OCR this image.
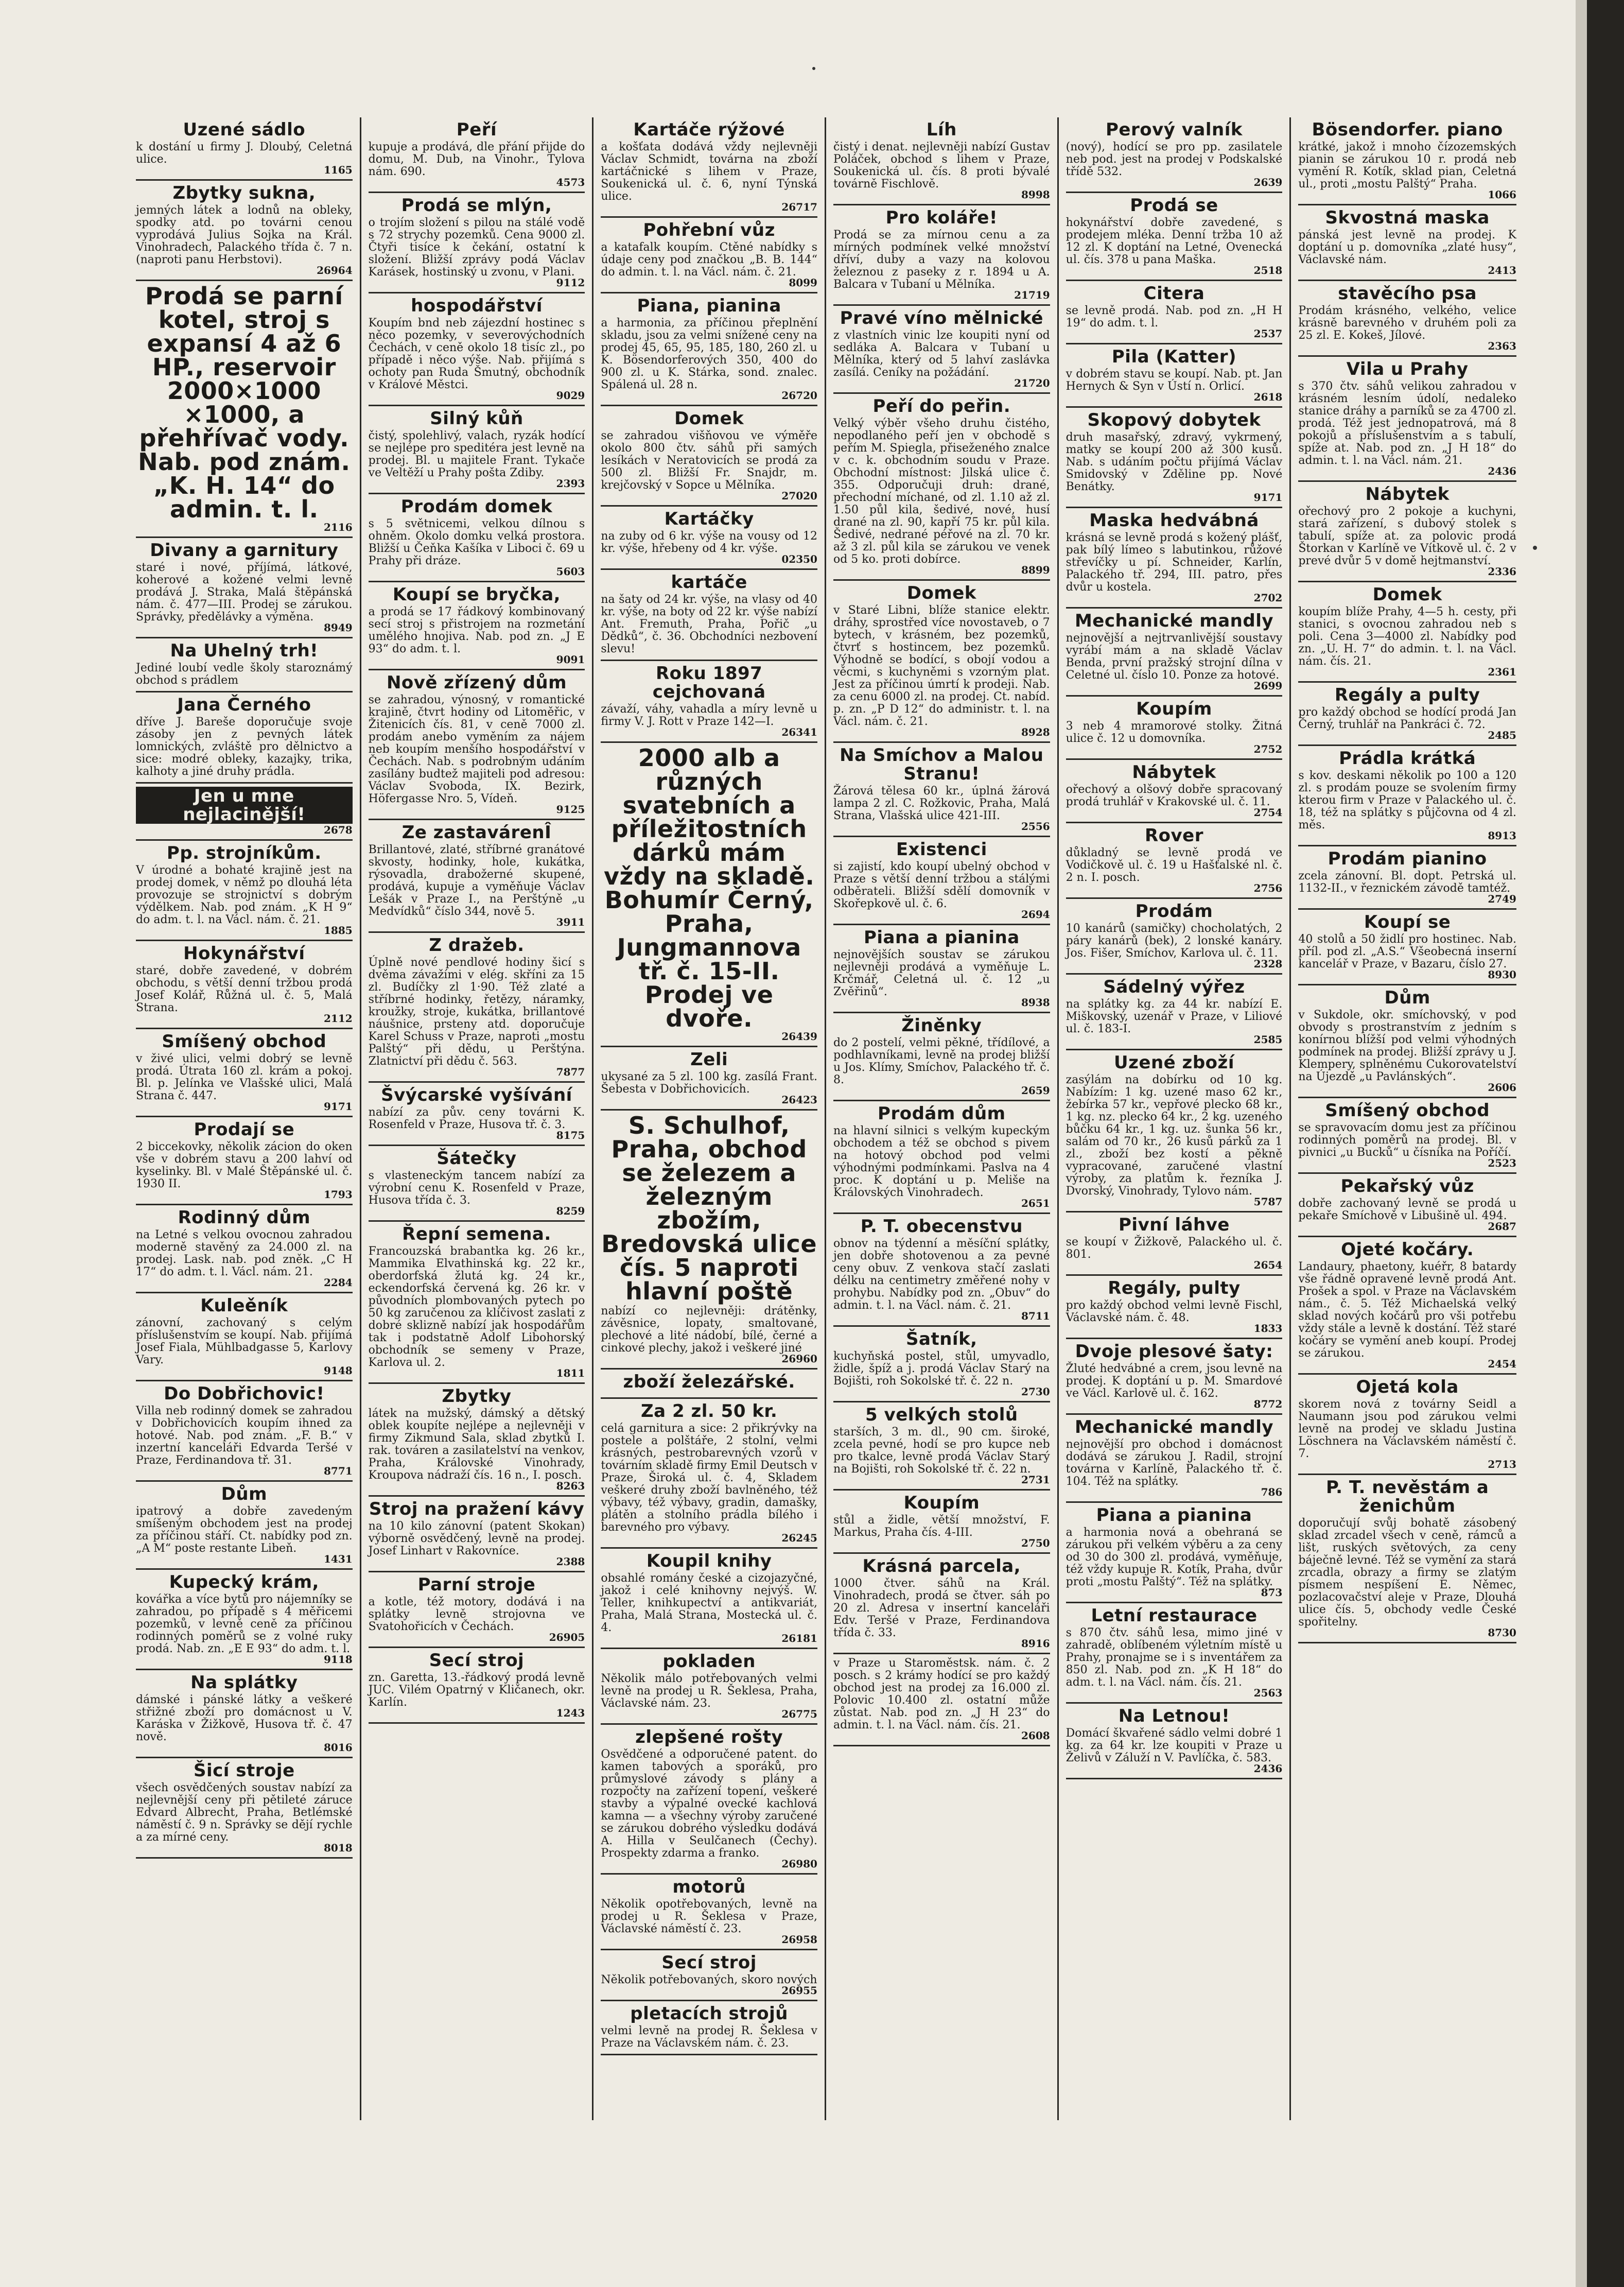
Uzené sádlo
k dostání u firmy J. Dloubý, Celetná ulice.
1165
Zbytky sukna,
jemných látek a lodnů na obleky, spodky atd. po továrni cenou vyprodává Julius Sojka na Král. Vinohradech, Palackého třída č. 7 n. (naproti panu Herbstovi).
26964
Prodá se parní kotel, stroj s expansí 4 až 6 HP., reservoir 2000×1000 ×1000, a přehřívač vody. Nab. pod znám. „K. H. 14“ do admin. t. l.
2116
Divany a garnitury
staré i nové, příjímá, látkové, koherové a kožené velmi levně prodává J. Straka, Malá štěpánská nám. č. 477—III. Prodej se zárukou. Správky, předělávky a výměna.
8949
Na Uhelný trh!
Jediné loubí vedle školy staroznámý obchod s prádlem
Jana Černého
dříve J. Bareše doporučuje svoje zásoby jen z pevných látek lomnických, zvláště pro dělnictvo a sice: modré obleky, kazajky, trika, kalhoty a jiné druhy prádla.
Jen u mne nejlacinější!
2678
Pp. strojníkům.
V úrodné a bohaté krajině jest na prodej domek, v němž po dlouhá léta provozuje se strojnictví s dobrým výdělkem. Nab. pod znám. „K H 9“ do adm. t. l. na Václ. nám. č. 21.
1885
Hokynářství
staré, dobře zavedené, v dobrém obchodu, s větší denní tržbou prodá Josef Kolář, Růžná ul. č. 5, Malá Strana.
2112
Smíšený obchod
v živé ulici, velmi dobrý se levně prodá. Útrata 160 zl. krám a pokoj. Bl. p. Jelínka ve Vlašské ulici, Malá Strana č. 447.
9171
Prodají se
2 biccekovky, několik zácion do oken vše v dobrém stavu a 200 lahví od kyselinky. Bl. v Malé Štěpánské ul. č. 1930 II.
1793
Rodinný dům
na Letné s velkou ovocnou zahradou moderně stavěný za 24.000 zl. na prodej. Lask. nab. pod zněk. „C H 17“ do adm. t. l. Václ. nám. 21.
2284
Kuleěník
zánovní, zachovaný s celým příslušenstvím se koupí. Nab. přijímá Josef Fiala, Mühlbadgasse 5, Karlovy Vary.
9148
Do Dobřichovic!
Villa neb rodinný domek se zahradou v Dobřichovicích koupím ihned za hotové. Nab. pod znám. „F. B.“ v inzertní kanceláři Edvarda Teršé v Praze, Ferdinandova tř. 31.
8771
Dům
ipatrový a dobře zavedeným smíšeným obchodem jest na prodej za příčinou stáří. Ct. nabídky pod zn. „A M“ poste restante Libeň.
1431
Kupecký krám,
kovářka a více bytů pro nájemníky se zahradou, po případě s 4 měřicemi pozemků, v levně ceně za příčinou rodinných poměrů se z volné ruky prodá. Nab. zn. „E E 93“ do adm. t. l.
9118
Na splátky
dámské i pánské látky a veškeré střižné zboží pro domácnost u V. Karáska v Žižkově, Husova tř. č. 47 nově.
8016
Šicí stroje
všech osvědčených soustav nabízí za nejlevnější ceny při pětileté záruce Edvard Albrecht, Praha, Betlémské náměstí č. 9 n. Správky se dějí rychle a za mírné ceny.
8018
Peří
kupuje a prodává, dle přání přijde do domu, M. Dub, na Vinohr., Tylova nám. 690.
4573
Prodá se mlýn,
o trojím složení s pilou na stálé vodě s 72 strychy pozemků. Cena 9000 zl. Čtyři tisíce k čekání, ostatní k složení. Bližší zprávy podá Václav Karásek, hostinský u zvonu, v Plani.
9112
hospodářství
Koupím bnd neb zájezdní hostinec s něco pozemky, v severovýchodních Čechách, v ceně okolo 18 tisíc zl., po případě i něco výše. Nab. přijímá s ochoty pan Ruda Šmutný, obchodník v Králové Městci.
9029
Silný kůň
čistý, spolehlivý, valach, ryzák hodící se nejlépe pro speditéra jest levně na prodej. Bl. u majitele Frant. Tykače ve Veltěží u Prahy pošta Zdiby.
2393
Prodám domek
s 5 světnicemi, velkou dílnou s ohněm. Okolo domku velká prostora. Bližší u Čeňka Kašíka v Liboci č. 69 u Prahy při dráze.
5603
Koupí se bryčka,
a prodá se 17 řádkový kombinovaný secí stroj s přistrojem na rozmetání umělého hnojiva. Nab. pod zn. „J E 93“ do adm. t. l.
9091
Nově zřízený dům
se zahradou, výnosný, v romantické krajině, čtvrt hodiny od Litoměřic, v Žitenicích čís. 81, v ceně 7000 zl. prodám anebo vyměním za nájem neb koupím menšího hospodářství v Čechách. Nab. s podrobným udáním zasílány budtež majiteli pod adresou: Václav Svoboda, IX. Bezirk, Höfergasse Nro. 5, Vídeň.
9125
Ze zastavárenÎ
Brillantové, zlaté, stříbrné granátové skvosty, hodinky, hole, kukátka, rýsovadla, drabožerné skupené, prodává, kupuje a vyměňuje Václav Lešák v Praze I., na Perštýně „u Medvídků“ číslo 344, nově 5.
3911
Z dražeb.
Úplně nové pendlové hodiny šicí s dvěma závažími v elég. skříni za 15 zl. Budíčky zl 1·90. Též zlaté a stříbrné hodinky, řetězy, náramky, kroužky, stroje, kukátka, brillantové náušnice, prsteny atd. doporučuje Karel Schuss v Praze, naproti „mostu Palštý“ při dědu, u Perštýna. Zlatnictví při dědu č. 563.
7877
Švýcarské vyšívání
nabízí za pův. ceny továrni K. Rosenfeld v Praze, Husova tř. č. 3.
8175
Šátečky
s vlasteneckým tancem nabízí za výrobní cenu K. Rosenfeld v Praze, Husova třída č. 3.
8259
Řepní semena.
Francouzská brabantka kg. 26 kr., Mammika Elvathinská kg. 22 kr., oberdorfská žlutá kg. 24 kr., eckendorfská červená kg. 26 kr. v původních plombovaných pytech po 50 kg zaručenou za klíčivost zaslati z dobré sklizně nabízí jak hospodářům tak i podstatně Adolf Libohorský obchodník se semeny v Praze, Karlova ul. 2.
1811
Zbytky
látek na mužský, dámský a dětský oblek koupíte nejlépe a nejlevněji v firmy Zikmund Sala, sklad zbytků I. rak. továren a zasilatelství na venkov, Praha, Královské Vinohrady, Kroupova nádraží čís. 16 n., I. posch.
8263
Stroj na pražení kávy
na 10 kilo zánovní (patent Skokan) výborně osvědčený, levně na prodej. Josef Linhart v Rakovníce.
2388
Parní stroje
a kotle, též motory, dodává i na splátky levně strojovna ve Svatohořicích v Čechách.
26905
Secí stroj
zn. Garetta, 13.-řádkový prodá levně JUC. Vilém Opatrný v Kličanech, okr. Karlín.
1243
Kartáče rýžové
a košťata dodává vždy nejlevněji Václav Schmidt, továrna na zboží kartáčnické s lihem v Praze, Soukenická ul. č. 6, nyní Týnská ulice.
26717
Pohřební vůz
a katafalk koupím. Ctěné nabídky s údaje ceny pod značkou „B. B. 144“ do admin. t. l. na Václ. nám. č. 21.
8099
Piana, pianina
a harmonia, za příčinou přeplnění skladu, jsou za velmi snížené ceny na prodej 45, 65, 95, 185, 180, 260 zl. u K. Bösendorferových 350, 400 do 900 zl. u K. Stárka, sond. znalec. Spálená ul. 28 n.
26720
Domek
se zahradou višňovou ve výměře okolo 800 čtv. sáhů při samých lesíkách v Neratovicích se prodá za 500 zl. Bližší Fr. Snajdr, m. krejčovský v Sopce u Mělníka.
27020
Kartáčky
na zuby od 6 kr. výše na vousy od 12 kr. výše, hřebeny od 4 kr. výše.
02350
kartáče
na šaty od 24 kr. výše, na vlasy od 40 kr. výše, na boty od 22 kr. výše nabízí Ant. Fremuth, Praha, Pořič „u Dědků“, č. 36. Obchodníci nezbovení slevu!
Roku 1897 cejchovaná
závaží, váhy, vahadla a míry levně u firmy V. J. Rott v Praze 142—I.
26341
2000 alb a různých svatebních a příležitostních dárků mám vždy na skladě. Bohumír Černý, Praha, Jungmannova tř. č. 15-II. Prodej ve dvoře.
26439
Zeli
ukysané za 5 zl. 100 kg. zasílá Frant. Šebesta v Dobřichovicích.
26423
S. Schulhof, Praha, obchod se železem a železným zbožím, Bredovská ulice čís. 5 naproti hlavní poště
nabízí co nejlevněji: drátěnky, závěsnice, lopaty, smaltované, plechové a lité nádobí, bílé, černé a cinkové plechy, jakož i veškeré jiné
26960
zboží železářské.
Za 2 zl. 50 kr.
celá garnitura a sice: 2 přikrývky na postele a polštáře, 2 stolní, velmi krásných, pestrobarevných vzorů v továrním skladě firmy Emil Deutsch v Praze, Široká ul. č. 4, Skladem veškeré druhy zboží bavlněného, též výbavy, též výbavy, gradin, damašky, plátěn a stolního prádla bílého i barevného pro výbavy.
26245
Koupil knihy
obsahlé romány české a cizojazyčné, jakož i celé knihovny nejvýš. W. Teller, knihkupectví a antikvariát, Praha, Malá Strana, Mostecká ul. č. 4.
26181
pokladen
Několik málo potřebovaných velmi levně na prodej u R. Šeklesa, Praha, Václavské nám. 23.
26775
zlepšené rošty
Osvědčené a odporučené patent. do kamen tabových a sporáků, pro průmyslové závody s plány a rozpočty na zařízení topení, veškeré stavby a výpalné ovecké kachlová kamna — a všechny výroby zaručené se zárukou dobrého výsledku dodává A. Hilla v Seulčanech (Čechy). Prospekty zdarma a franko.
26980
motorů
Několik opotřebovaných, levně na prodej u R. Šeklesa v Praze, Václavské náměstí č. 23.
26958
Secí stroj
Několik potřebovaných, skoro nových
26955
pletacích strojů
velmi levně na prodej R. Šeklesa v Praze na Václavském nám. č. 23.
Líh
čistý i denat. nejlevněji nabízí Gustav Poláček, obchod s lihem v Praze, Soukenická ul. čís. 8 proti bývalé továrně Fischlově.
8998
Pro koláře!
Prodá se za mírnou cenu a za mírných podmínek velké množství dříví, duby a vazy na kolovou železnou z paseky z r. 1894 u A. Balcara v Tubaní u Mělníka.
21719
Pravé víno mělnické
z vlastních vinic lze koupiti nyní od sedláka A. Balcara v Tubaní u Mělníka, který od 5 lahví zaslávka zasílá. Ceníky na požádání.
21720
Peří do peřin.
Velký výběr všeho druhu čistého, nepodlaného peří jen v obchodě s peřím M. Spiegla, přiseženého znalce v c. k. obchodním soudu v Praze. Obchodní místnost: Jilská ulice č. 355. Odporučuji druh: drané, přechodní míchané, od zl. 1.10 až zl. 1.50 půl kila, šedivé, nové, husí drané na zl. 90, kapří 75 kr. půl kila. Šedivé, nedrané péřové na zl. 70 kr. až 3 zl. půl kila se zárukou ve venek od 5 ko. proti dobírce.
8899
Domek
v Staré Libni, blíže stanice elektr. dráhy, sprostřed více novostaveb, o 7 bytech, v krásném, bez pozemků, čtvrť s hostincem, bez pozemků. Výhodně se bodící, s obojí vodou a věcmi, s kuchyněmi s vzorným plat. Jest za příčinou úmrtí k prodeji. Nab. za cenu 6000 zl. na prodej. Ct. nabíd. p. zn. „P D 12“ do administr. t. l. na Václ. nám. č. 21.
8928
Na Smíchov a Malou Stranu!
Žárová tělesa 60 kr., úplná žárová lampa 2 zl. C. Rožkovic, Praha, Malá Strana, Vlašská ulice 421-III.
2556
Existenci
si zajistí, kdo koupí ubelný obchod v Praze s větší denní tržbou a stálými odběrateli. Bližší sdělí domovník v Skořepkově ul. č. 6.
2694
Piana a pianina
nejnovějších soustav se zárukou nejlevněji prodává a vyměňuje L. Krčmář, Celetná ul. č. 12 „u Zvěřinů“.
8938
Žiněnky
do 2 postelí, velmi pěkné, třídílové, a podhlavníkami, levně na prodej bližší u Jos. Klímy, Smíchov, Palackého tř. č. 8.
2659
Prodám dům
na hlavní silnici s velkým kupeckým obchodem a též se obchod s pivem na hotový obchod pod velmi výhodnými podmínkami. Paslva na 4 proc. K doptání u p. Meliše na Královských Vinohradech.
2651
P. T. obecenstvu
obnov na týdenní a měsíční splátky, jen dobře shotovenou a za pevné ceny obuv. Z venkova stačí zaslati délku na centimetry změřené nohy v prohybu. Nabídky pod zn. „Obuv“ do admin. t. l. na Václ. nám. č. 21.
8711
Šatník,
kuchyňská postel, stůl, umyvadlo, židle, špíž a j. prodá Václav Starý na Bojišti, roh Sokolské tř. č. 22 n.
2730
5 velkých stolů
starších, 3 m. dl., 90 cm. široké, zcela pevné, hodí se pro kupce neb pro tkalce, levně prodá Václav Starý na Bojišti, roh Sokolské tř. č. 22 n.
2731
Koupím
stůl a židle, větší množství, F. Markus, Praha čís. 4-III.
2750
Krásná parcela,
1000 čtver. sáhů na Král. Vinohradech, prodá se čtver. sáh po 20 zl. Adresa v insertní kanceláři Edv. Teršé v Praze, Ferdinandova třída č. 33.
8916
v Praze u Staroměstsk. nám. č. 2 posch. s 2 krámy hodící se pro každý obchod jest na prodej za 16.000 zl. Polovic 10.400 zl. ostatní může zůstat. Nab. pod zn. „J H 23“ do admin. t. l. na Václ. nám. čís. 21.
2608
Perový valník
(nový), hodící se pro pp. zasilatele neb pod. jest na prodej v Podskalské třídě 532.
2639
Prodá se
hokynářství dobře zavedené, s prodejem mléka. Denní tržba 10 až 12 zl. K doptání na Letné, Ovenecká ul. čís. 378 u pana Maška.
2518
Citera
se levně prodá. Nab. pod zn. „H H 19“ do adm. t. l.
2537
Pila (Katter)
v dobrém stavu se koupí. Nab. pt. Jan Hernych & Syn v Ústí n. Orlicí.
2618
Skopový dobytek
druh masařský, zdravý, vykrmený, matky se koupí 200 až 300 kusů. Nab. s udáním počtu přijímá Václav Smidovský v Zděline pp. Nové Benátky.
9171
Maska hedvábná
krásná se levně prodá s kožený plášť, pak bílý límeo s labutinkou, růžové střevíčky u pí. Schneider, Karlín, Palackého tř. 294, III. patro, přes dvůr u kostela.
2702
Mechanické mandly
nejnovější a nejtrvanlivější soustavy vyrábí mám a na skladě Václav Benda, první pražský strojní dílna v Celetné ul. číslo 10. Ponze za hotové.
2699
Koupím
3 neb 4 mramorové stolky. Žitná ulice č. 12 u domovníka.
2752
Nábytek
ořechový a olšový dobře spracovaný prodá truhlář v Krakovské ul. č. 11.
2754
Rover
důkladný se levně prodá ve Vodičkově ul. č. 19 u Hašťalské nl. č. 2 n. I. posch.
2756
Prodám
10 kanárů (samičky) chocholatých, 2 páry kanárů (bek), 2 lonské kanáry. Jos. Fišer, Smíchov, Karlova ul. č. 11.
2328
Sádelný výřez
na splátky kg. za 44 kr. nabízí E. Miškovský, uzenář v Praze, v Liliové ul. č. 183-I.
2585
Uzené zboží
zasýlám na dobírku od 10 kg. Nabízím: 1 kg. uzené maso 62 kr., žebírka 57 kr., vepřové plecko 68 kr., 1 kg. nz. plecko 64 kr., 2 kg. uzeného bůčku 64 kr., 1 kg. uz. šunka 56 kr., salám od 70 kr., 26 kusů párků za 1 zl., zboží bez kostí a pěkně vypracované, zaručené vlastní výroby, za platům k. řezníka J. Dvorský, Vinohrady, Tylovo nám.
5787
Pivní láhve
se koupí v Žižkově, Palackého ul. č. 801.
2654
Regály, pulty
pro každý obchod velmi levně Fischl, Václavské nám. č. 48.
1833
Dvoje plesové šaty:
Žluté hedvábné a crem, jsou levně na prodej. K doptání u p. M. Smardové ve Václ. Karlově ul. č. 162.
8772
Mechanické mandly
nejnovější pro obchod i domácnost dodává se zárukou J. Radil, strojní továrna v Karlíně, Palackého tř. č. 104. Též na splátky.
786
Piana a pianina
a harmonia nová a obehraná se zárukou při velkém výběru a za ceny od 30 do 300 zl. prodává, vyměňuje, též vždy kupuje R. Kotík, Praha, dvůr proti „mostu Palštý“. Též na splátky.
873
Letní restaurace
s 870 čtv. sáhů lesa, mimo jiné v zahradě, oblíbeném výletním místě u Prahy, pronajme se i s inventářem za 850 zl. Nab. pod zn. „K H 18“ do adm. t. l. na Václ. nám. čís. 21.
2563
Na Letnou!
Domácí škvařené sádlo velmi dobré 1 kg. za 64 kr. lze koupiti v Praze u Želivů v Záluží n V. Pavlíčka, č. 583.
2436
Bösendorfer. piano
krátké, jakož i mnoho čízozemských pianin se zárukou 10 r. prodá neb vymění R. Kotík, sklad pian, Celetná ul., proti „mostu Palštý“ Praha.
1066
Skvostná maska
pánská jest levně na prodej. K doptání u p. domovníka „zlaté husy“, Václavské nám.
2413
stavěcího psa
Prodám krásného, velkého, velice krásně barevného v druhém poli za 25 zl. E. Kokeš, Jílové.
2363
Vila u Prahy
s 370 čtv. sáhů velikou zahradou v krásném lesním údolí, nedaleko stanice dráhy a parníků se za 4700 zl. prodá. Též jest jednopatrová, má 8 pokojů a příslušenstvím a s tabulí, spíže at. Nab. pod zn. „J H 18“ do admin. t. l. na Václ. nám. 21.
2436
Nábytek
ořechový pro 2 pokoje a kuchyni, stará zařízení, s dubový stolek s tabulí, spíže at. za polovic prodá Štorkan v Karlíně ve Vítkově ul. č. 2 v prevé dvůr 5 v domě hejtmanství.
2336
Domek
koupím blíže Prahy, 4—5 h. cesty, při stanici, s ovocnou zahradou neb s poli. Cena 3—4000 zl. Nabídky pod zn. „U. H. 7“ do admin. t. l. na Václ. nám. čís. 21.
2361
Regály a pulty
pro každý obchod se hodící prodá Jan Černý, truhlář na Pankráci č. 72.
2485
Prádla krátká
s kov. deskami několik po 100 a 120 zl. s prodám pouze se svolením firmy kterou firm v Praze v Palackého ul. č. 18, též na splátky s půjčovna od 4 zl. měs.
8913
Prodám pianino
zcela zánovní. Bl. dopt. Petrská ul. 1132-II., v řeznickém závodě tamtéž.
2749
Koupí se
40 stolů a 50 židlí pro hostinec. Nab. příl. pod zl. „A.S.“ Všeobecná inserní kancelář v Praze, v Bazaru, číslo 27.
8930
Dům
v Sukdole, okr. smíchovský, v pod obvody s prostranstvím z jedním s konírnou blížší pod velmi výhodných podmínek na prodej. Bližší zprávy u J. Klempery, splněnému Cukorovatelství na Újezdě „u Pavlánských“.
2606
Smíšený obchod
se spravovacím domu jest za příčinou rodinných poměrů na prodej. Bl. v pivnici „u Bucků“ u čísníka na Poříčí.
2523
Pekařský vůz
dobře zachovaný levně se prodá u pekaře Smíchově v Libušině ul. 494.
2687
Ojeté kočáry.
Landaury, phaetony, kuéřr, 8 batardy vše řádně opravené levně prodá Ant. Prošek a spol. v Praze na Václavském nám., č. 5. Též Michaelská velký sklad nových kočárů pro vši potřebu vždy stále a levně k dostání. Též staré kočáry se vymění aneb koupí. Prodej se zárukou.
2454
Ojetá kola
skorem nová z továrny Seidl a Naumann jsou pod zárukou velmi levně na prodej ve skladu Justina Löschnera na Václavském náměstí č. 7.
2713
P. T. nevěstám a ženichům
doporučují svůj bohatě zásobený sklad zrcadel všech v ceně, rámců a lišt, ruských světových, za ceny báječně levné. Též se vymění za stará zrcadla, obrazy a firmy se zlatým písmem nespíšení E. Němec, pozlacovačství aleje v Praze, Dlouhá ulice čís. 5, obchody vedle České spořitelny.
8730
